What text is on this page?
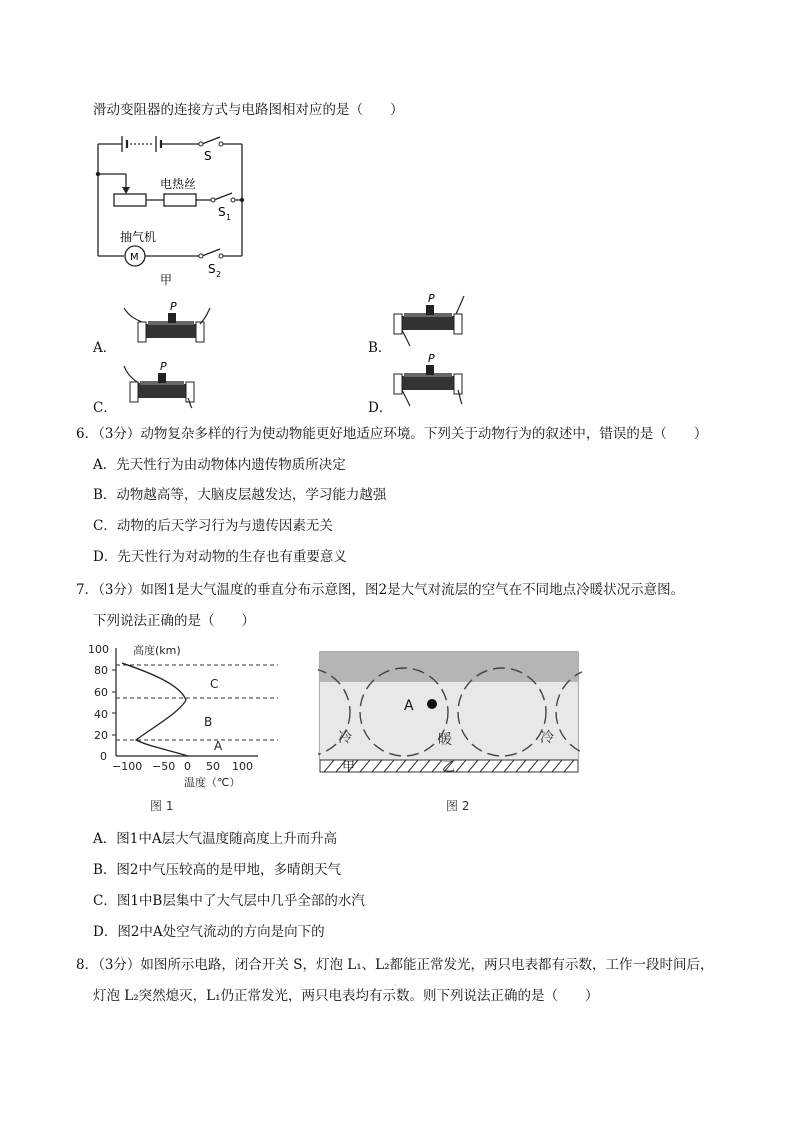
滑动变阻器的连接方式与电路图相对应的是（　　）
S
电热丝
S 1
抽气机
M
S 2
甲
A．
P
B．
P
C．
P
D．
P
6．（3分）动物复杂多样的行为使动物能更好地适应环境。下列关于动物行为的叙述中，错误的是（　　）
A．先天性行为由动物体内遗传物质所决定
B．动物越高等，大脑皮层越发达，学习能力越强
C．动物的后天学习行为与遗传因素无关
D．先天性行为对动物的生存也有重要意义
7．（3分）如图1是大气温度的垂直分布示意图，图2是大气对流层的空气在不同地点冷暖状况示意图。
下列说法正确的是（　　）
100
80
60
40
20
0
高度(km)
C
B
A
−100 −50 0 50 100
温度（℃）
图 1
A
冷
甲
暖
乙
冷
图 2
A．图1中A层大气温度随高度上升而升高
B．图2中气压较高的是甲地，多晴朗天气
C．图1中B层集中了大气层中几乎全部的水汽
D．图2中A处空气流动的方向是向下的
8．（3分）如图所示电路，闭合开关 S，灯泡 L₁、L₂都能正常发光，两只电表都有示数，工作一段时间后，
灯泡 L₂突然熄灭，L₁仍正常发光，两只电表均有示数。则下列说法正确的是（　　）
